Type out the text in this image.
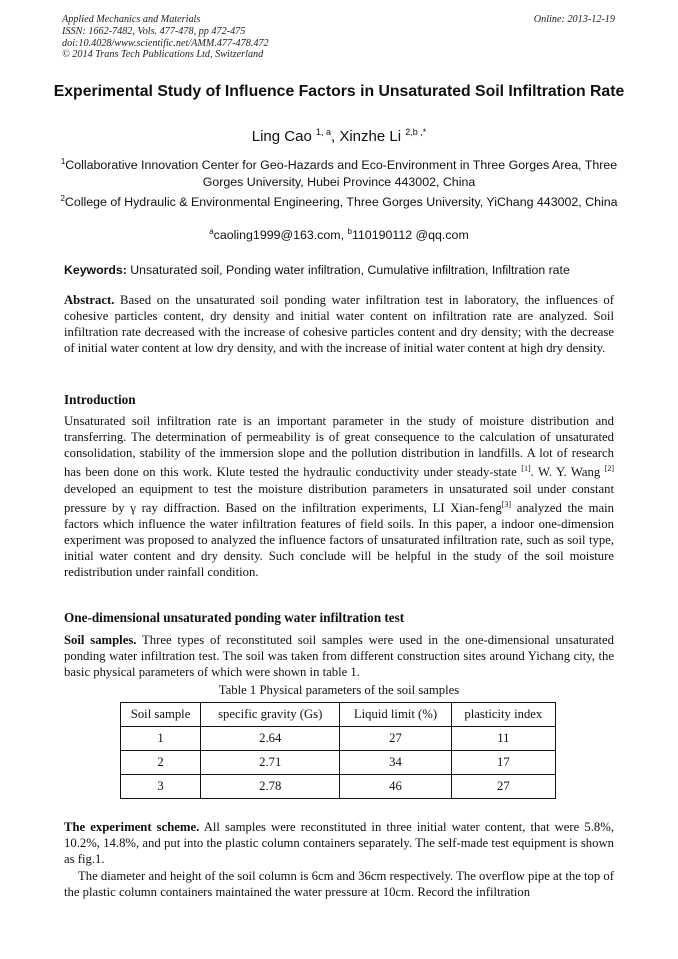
Applied Mechanics and Materials
ISSN: 1662-7482, Vols. 477-478, pp 472-475
doi:10.4028/www.scientific.net/AMM.477-478.472
© 2014 Trans Tech Publications Ltd, Switzerland
Online: 2013-12-19
Experimental Study of Influence Factors in Unsaturated Soil Infiltration Rate
Ling Cao $^{1, a}$, Xinzhe Li $^{2,b ,*}$
$^1$Collaborative Innovation Center for Geo-Hazards and Eco-Environment in Three Gorges Area, Three Gorges University, Hubei Province 443002, China
$^2$College of Hydraulic & Environmental Engineering, Three Gorges University, YiChang 443002, China
$^a$caoling1999@163.com, $^b$110190112 @qq.com
Keywords: Unsaturated soil, Ponding water infiltration, Cumulative infiltration, Infiltration rate
Abstract. Based on the unsaturated soil ponding water infiltration test in laboratory, the influences of cohesive particles content, dry density and initial water content on infiltration rate are analyzed. Soil infiltration rate decreased with the increase of cohesive particles content and dry density; with the decrease of initial water content at low dry density, and with the increase of initial water content at high dry density.
Introduction
Unsaturated soil infiltration rate is an important parameter in the study of moisture distribution and transferring. The determination of permeability is of great consequence to the calculation of unsaturated consolidation, stability of the immersion slope and the pollution distribution in landfills. A lot of research has been done on this work. Klute tested the hydraulic conductivity under steady-state [1]. W. Y. Wang [2] developed an equipment to test the moisture distribution parameters in unsaturated soil under constant pressure by γ ray diffraction. Based on the infiltration experiments, LI Xian-feng[3] analyzed the main factors which influence the water infiltration features of field soils. In this paper, a indoor one-dimension experiment was proposed to analyzed the influence factors of unsaturated infiltration rate, such as soil type, initial water content and dry density. Such conclude will be helpful in the study of the soil moisture redistribution under rainfall condition.
One-dimensional unsaturated ponding water infiltration test
Soil samples. Three types of reconstituted soil samples were used in the one-dimensional unsaturated ponding water infiltration test. The soil was taken from different construction sites around Yichang city, the basic physical parameters of which were shown in table 1.
Table 1 Physical parameters of the soil samples
Soil sample	specific gravity (Gs)	Liquid limit (%)	plasticity index
1	2.64	27	11
2	2.71	34	17
3	2.78	46	27
The experiment scheme. All samples were reconstituted in three initial water content, that were 5.8%, 10.2%, 14.8%, and put into the plastic column containers separately. The self-made test equipment is shown as fig.1.
The diameter and height of the soil column is 6cm and 36cm respectively. The overflow pipe at the top of the plastic column containers maintained the water pressure at 10cm. Record the infiltration
